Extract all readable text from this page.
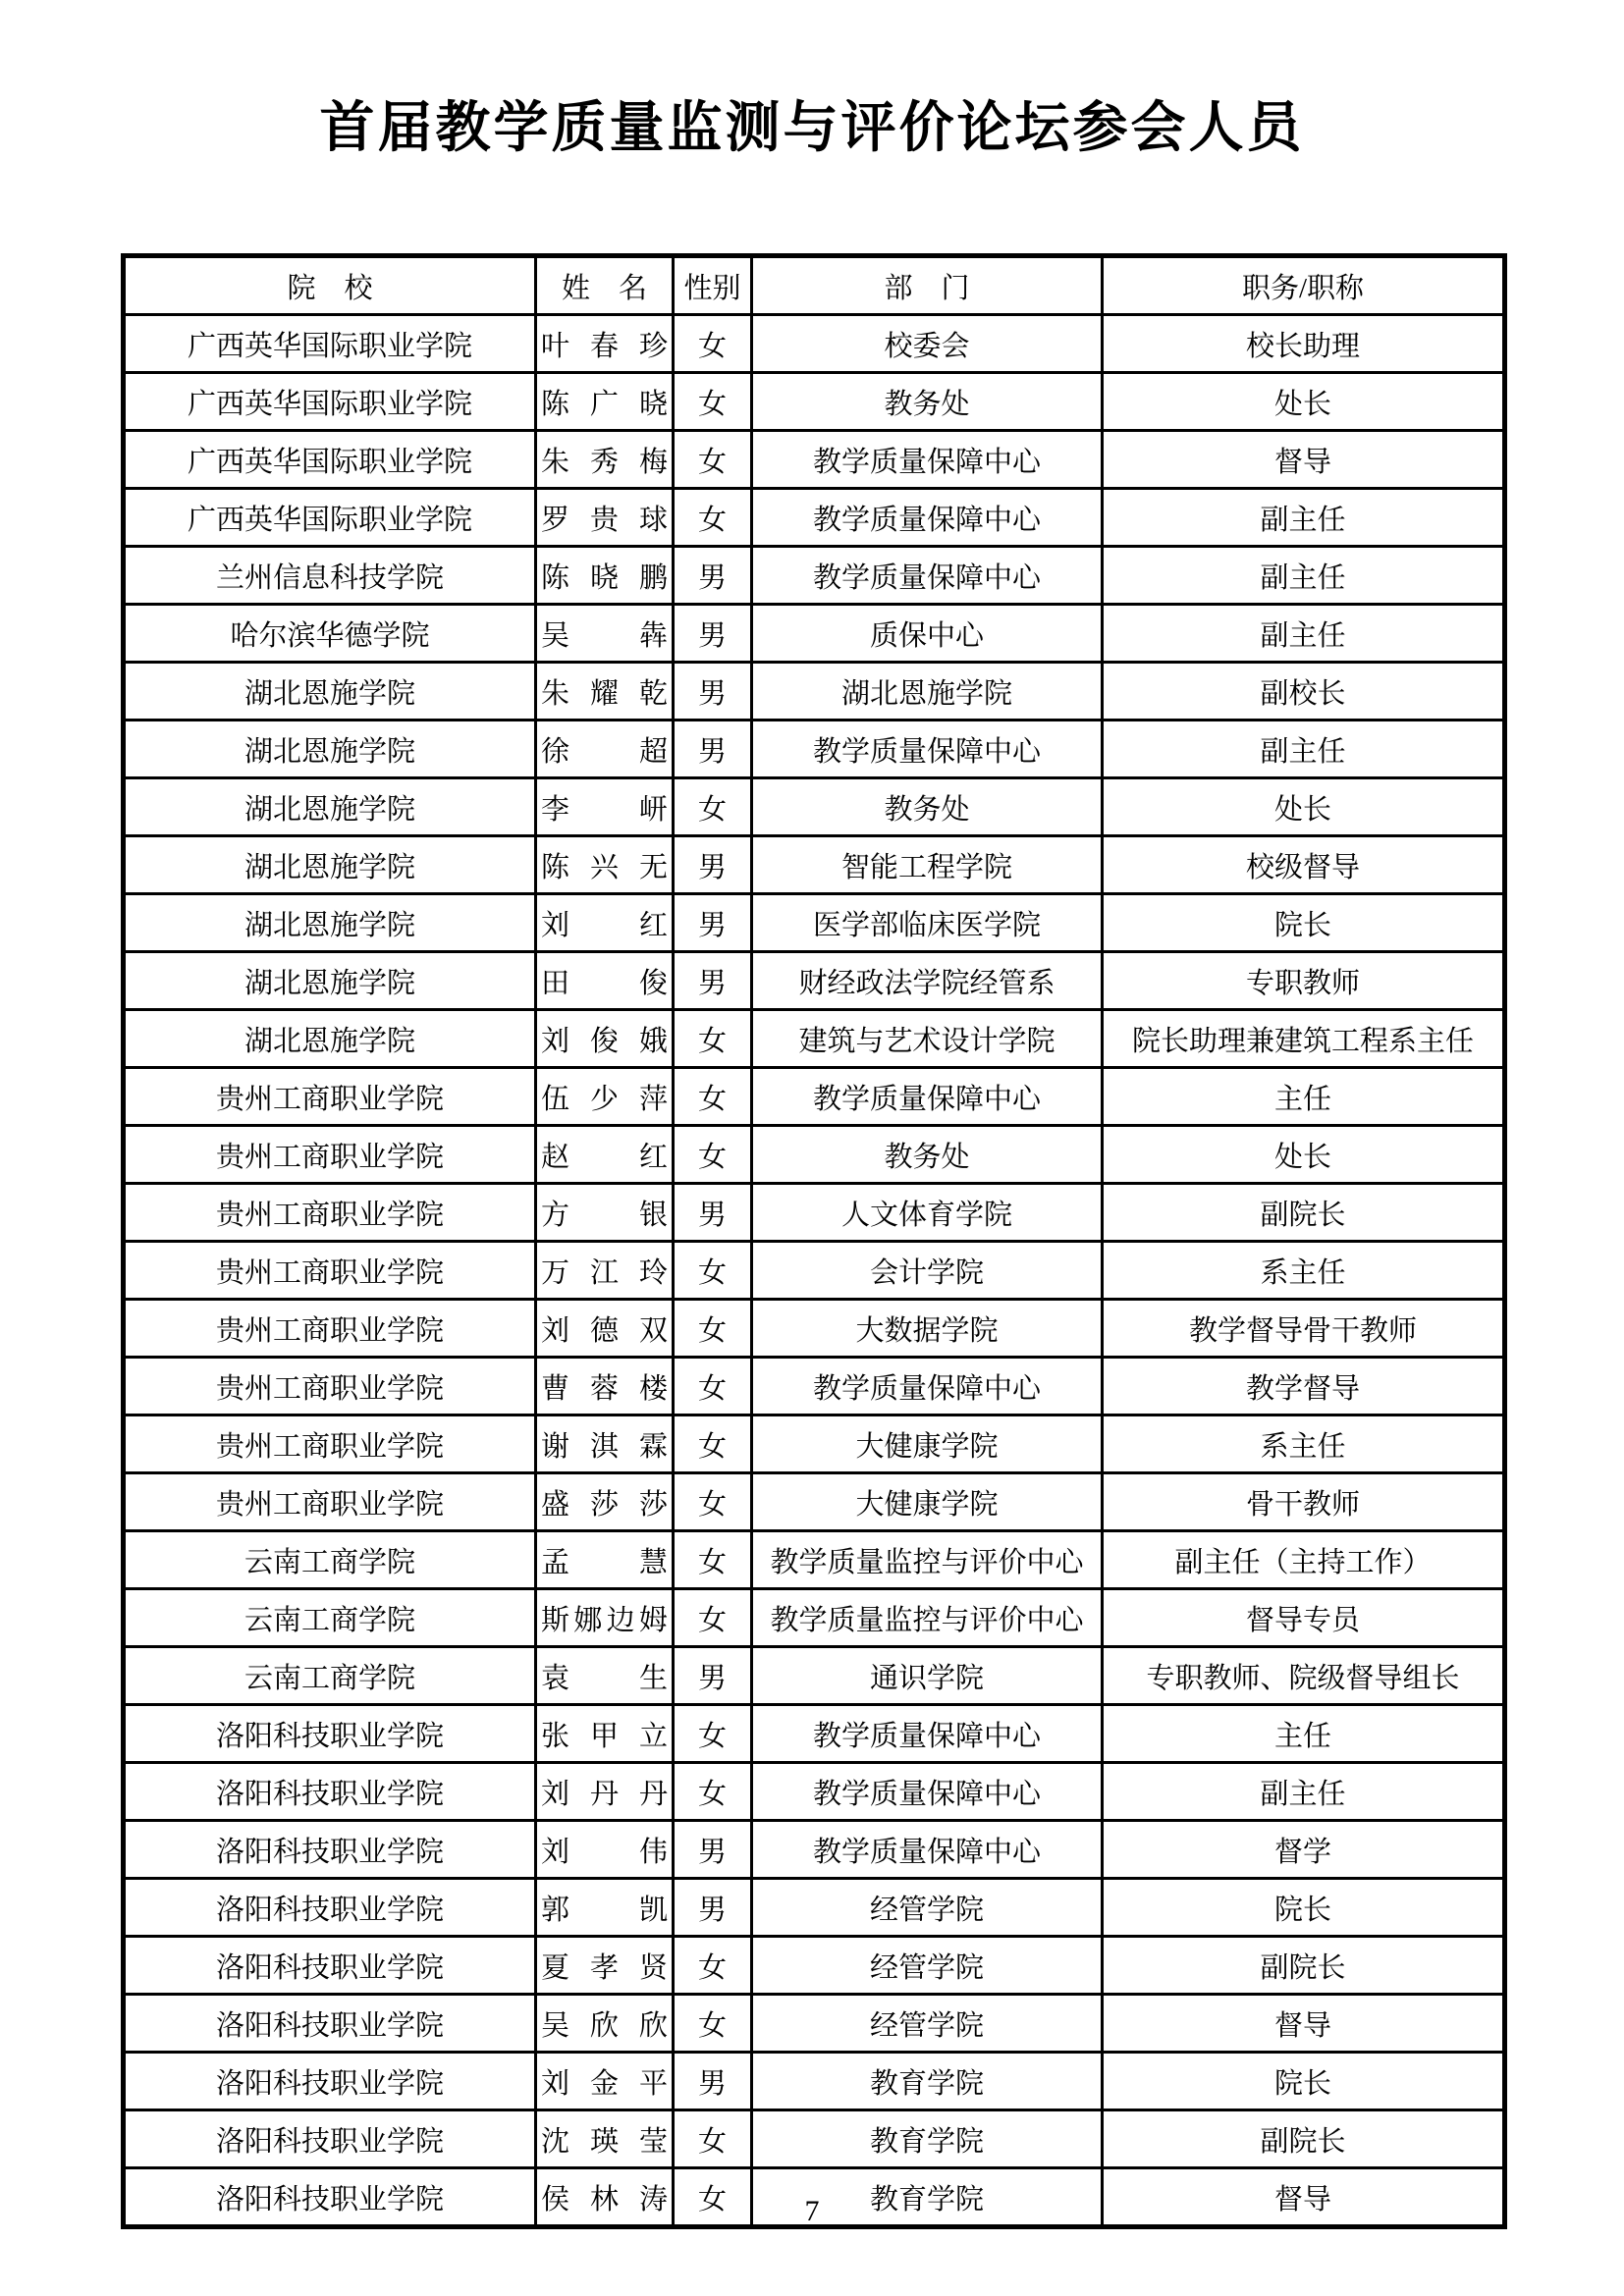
首届教学质量监测与评价论坛参会人员
院　校	姓　名	性别	部　门	职务/职称
广西英华国际职业学院	叶春珍	女	校委会	校长助理
广西英华国际职业学院	陈广晓	女	教务处	处长
广西英华国际职业学院	朱秀梅	女	教学质量保障中心	督导
广西英华国际职业学院	罗贵球	女	教学质量保障中心	副主任
兰州信息科技学院	陈晓鹏	男	教学质量保障中心	副主任
哈尔滨华德学院	吴　犇	男	质保中心	副主任
湖北恩施学院	朱耀乾	男	湖北恩施学院	副校长
湖北恩施学院	徐　超	男	教学质量保障中心	副主任
湖北恩施学院	李　岍	女	教务处	处长
湖北恩施学院	陈兴无	男	智能工程学院	校级督导
湖北恩施学院	刘　红	男	医学部临床医学院	院长
湖北恩施学院	田　俊	男	财经政法学院经管系	专职教师
湖北恩施学院	刘俊娥	女	建筑与艺术设计学院	院长助理兼建筑工程系主任
贵州工商职业学院	伍少萍	女	教学质量保障中心	主任
贵州工商职业学院	赵　红	女	教务处	处长
贵州工商职业学院	方　银	男	人文体育学院	副院长
贵州工商职业学院	万江玲	女	会计学院	系主任
贵州工商职业学院	刘德双	女	大数据学院	教学督导骨干教师
贵州工商职业学院	曹蓉楼	女	教学质量保障中心	教学督导
贵州工商职业学院	谢淇霖	女	大健康学院	系主任
贵州工商职业学院	盛莎莎	女	大健康学院	骨干教师
云南工商学院	孟　慧	女	教学质量监控与评价中心	副主任（主持工作）
云南工商学院	斯娜边姆	女	教学质量监控与评价中心	督导专员
云南工商学院	袁　生	男	通识学院	专职教师、院级督导组长
洛阳科技职业学院	张甲立	女	教学质量保障中心	主任
洛阳科技职业学院	刘丹丹	女	教学质量保障中心	副主任
洛阳科技职业学院	刘　伟	男	教学质量保障中心	督学
洛阳科技职业学院	郭　凯	男	经管学院	院长
洛阳科技职业学院	夏孝贤	女	经管学院	副院长
洛阳科技职业学院	吴欣欣	女	经管学院	督导
洛阳科技职业学院	刘金平	男	教育学院	院长
洛阳科技职业学院	沈瑛莹	女	教育学院	副院长
洛阳科技职业学院	侯林涛	女	教育学院	督导
7
